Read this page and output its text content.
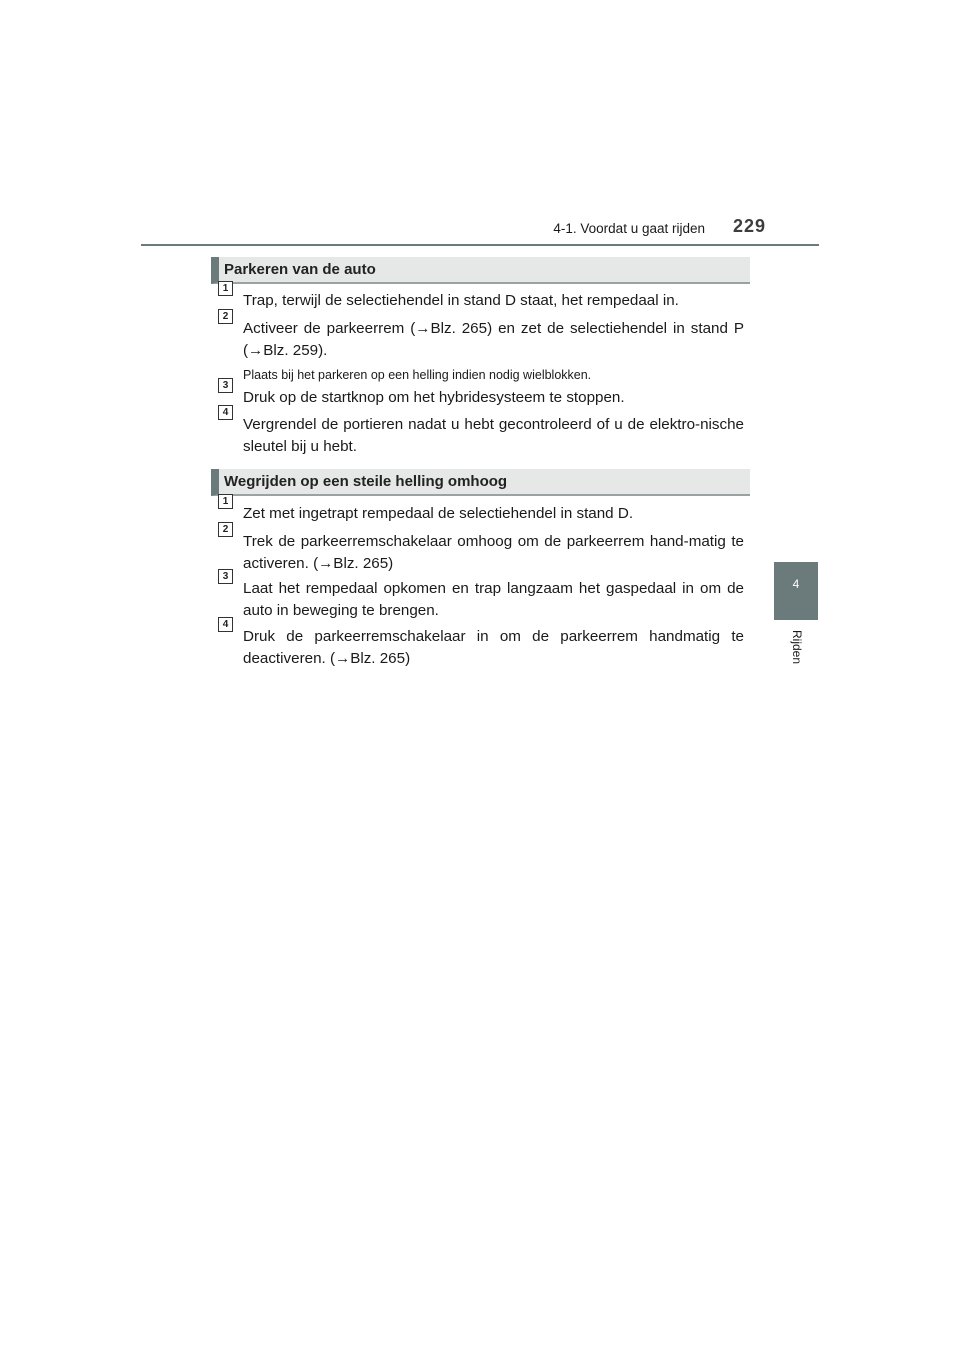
4-1. Voordat u gaat rijden 229
4
Rijden
Parkeren van de auto
1
Trap, terwijl de selectiehendel in stand D staat, het rempedaal in.
2
Activeer de parkeerrem (→Blz. 265) en zet de selectiehendel in stand P (→Blz. 259).
Plaats bij het parkeren op een helling indien nodig wielblokken.
3
Druk op de startknop om het hybridesysteem te stoppen.
4
Vergrendel de portieren nadat u hebt gecontroleerd of u de elektro-nische sleutel bij u hebt.
Wegrijden op een steile helling omhoog
1
Zet met ingetrapt rempedaal de selectiehendel in stand D.
2
Trek de parkeerremschakelaar omhoog om de parkeerrem hand-matig te activeren. (→Blz. 265)
3
Laat het rempedaal opkomen en trap langzaam het gaspedaal in om de auto in beweging te brengen.
4
Druk de parkeerremschakelaar in om de parkeerrem handmatig te deactiveren. (→Blz. 265)
